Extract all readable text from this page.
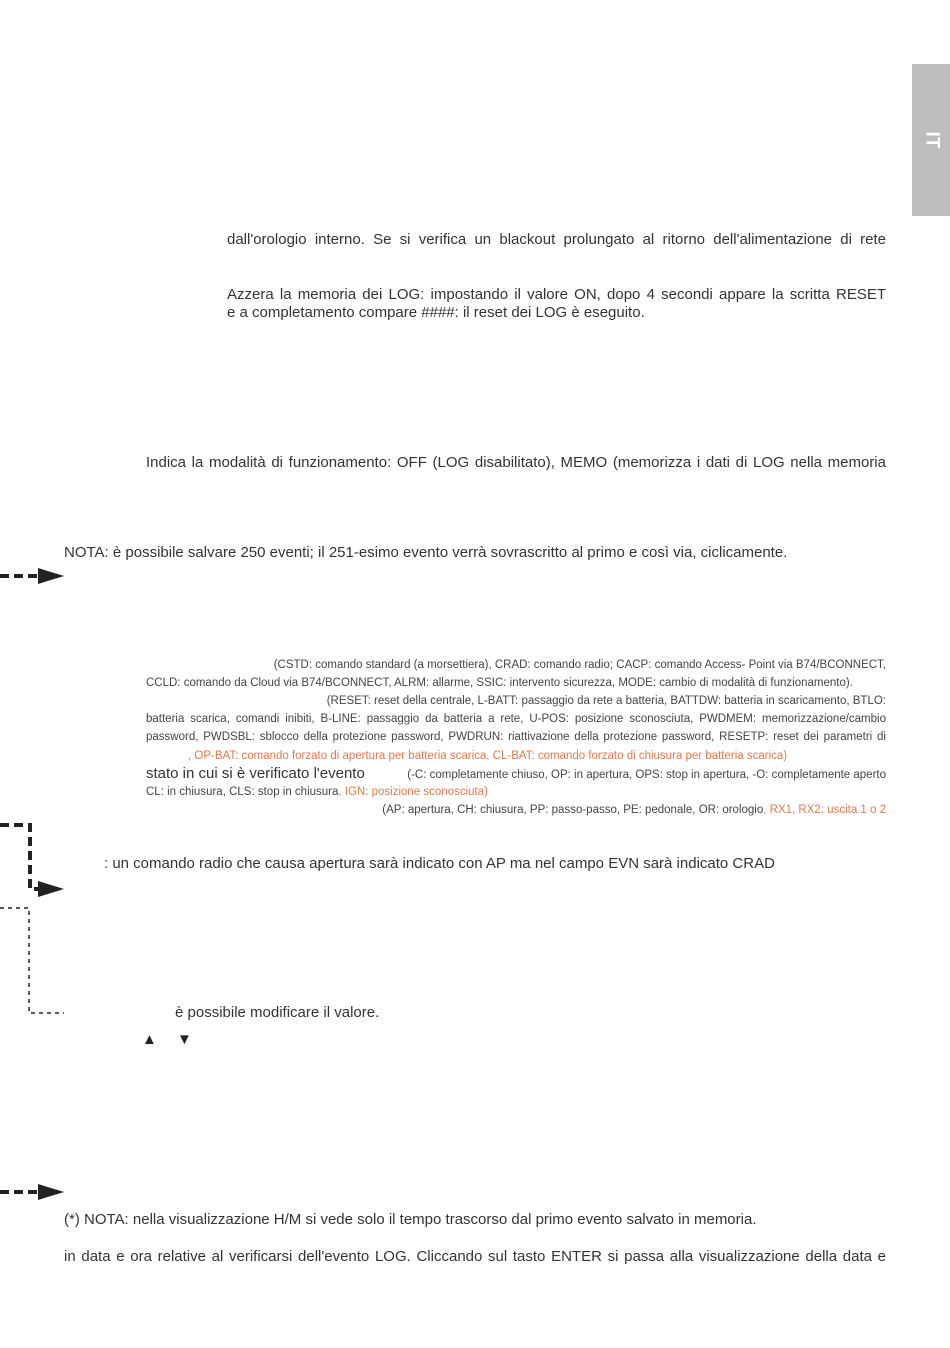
IT
dall'orologio interno. Se si verifica un blackout prolungato al ritorno dell'alimentazione di rete
Azzera la memoria dei LOG: impostando il valore ON, dopo 4 secondi appare la scritta RESET
e a completamento compare ####: il reset dei LOG è eseguito.
Indica la modalità di funzionamento: OFF (LOG disabilitato), MEMO (memorizza i dati di LOG nella memoria
NOTA: è possibile salvare 250 eventi; il 251-esimo evento verrà sovrascritto al primo e così via, ciclicamente.
(CSTD: comando standard (a morsettiera), CRAD: comando radio; CACP: comando Access- Point via B74/BCONNECT,
CCLD: comando da Cloud via B74/BCONNECT, ALRM: allarme, SSIC: intervento sicurezza, MODE: cambio di modalità di funzionamento).
(RESET: reset della centrale, L-BATT: passaggio da rete a batteria, BATTDW: batteria in scaricamento, BTLO:
batteria scarica, comandi inibiti, B-LINE: passaggio da batteria a rete, U-POS: posizione sconosciuta, PWDMEM: memorizzazione/cambio
password, PWDSBL: sblocco della protezione password, PWDRUN: riattivazione della protezione password, RESETP: reset dei parametri di
, OP-BAT: comando forzato di apertura per batteria scarica, CL-BAT: comando forzato di chiusura per batteria scarica)
stato in cui si è verificato l'evento	(-C: completamente chiuso, OP: in apertura, OPS: stop in apertura, -O: completamente aperto
CL: in chiusura, CLS: stop in chiusura, IGN: posizione sconosciuta)
(AP: apertura, CH: chiusura, PP: passo-passo, PE: pedonale, OR: orologio, RX1, RX2: uscita 1 o 2
: un comando radio che causa apertura sarà indicato con AP ma nel campo EVN sarà indicato CRAD
è possibile modificare il valore.
▲ ▼
(*) NOTA: nella visualizzazione H/M si vede solo il tempo trascorso dal primo evento salvato in memoria.
in data e ora relative al verificarsi dell'evento LOG. Cliccando sul tasto ENTER si passa alla visualizzazione della data e
